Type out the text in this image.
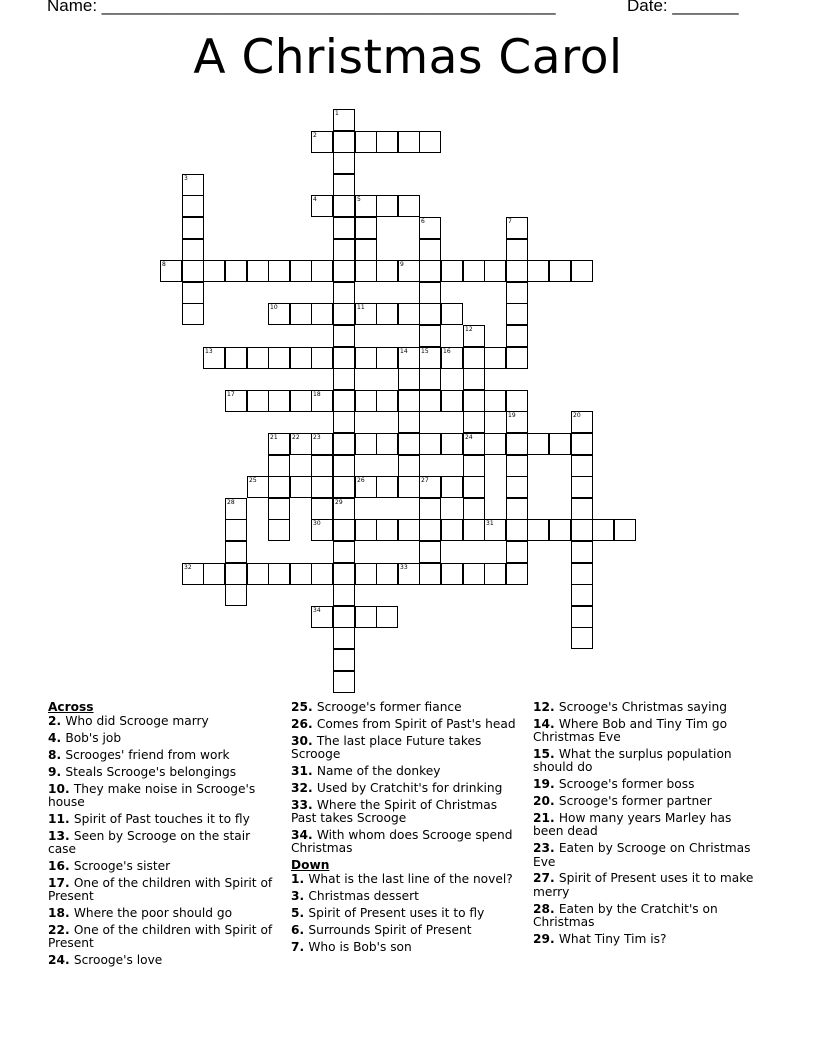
Name: ________________________________________________	Date: _______
A Christmas Carol
1
29
2
3
4	5
6	7
8	9
10	11
12
24
13	14 15 16
17	18
19	20
21 22 23
30
25	26	27
28
31
32	33
34
Across
2. Who did Scrooge marry
4. Bob's job
8. Scrooges' friend from work
9. Steals Scrooge's belongings
10. They make noise in Scrooge's house
11. Spirit of Past touches it to fly
13. Seen by Scrooge on the stair case
16. Scrooge's sister
17. One of the children with Spirit of Present
18. Where the poor should go
22. One of the children with Spirit of Present
24. Scrooge's love
25. Scrooge's former fiance
26. Comes from Spirit of Past's head
30. The last place Future takes Scrooge
31. Name of the donkey
32. Used by Cratchit's for drinking
33. Where the Spirit of Christmas Past takes Scrooge
34. With whom does Scrooge spend Christmas
Down
1. What is the last line of the novel?
3. Christmas dessert
5. Spirit of Present uses it to fly
6. Surrounds Spirit of Present
7. Who is Bob's son
12. Scrooge's Christmas saying
14. Where Bob and Tiny Tim go Christmas Eve
15. What the surplus population should do
19. Scrooge's former boss
20. Scrooge's former partner
21. How many years Marley has been dead
23. Eaten by Scrooge on Christmas Eve
27. Spirit of Present uses it to make merry
28. Eaten by the Cratchit's on Christmas
29. What Tiny Tim is?
